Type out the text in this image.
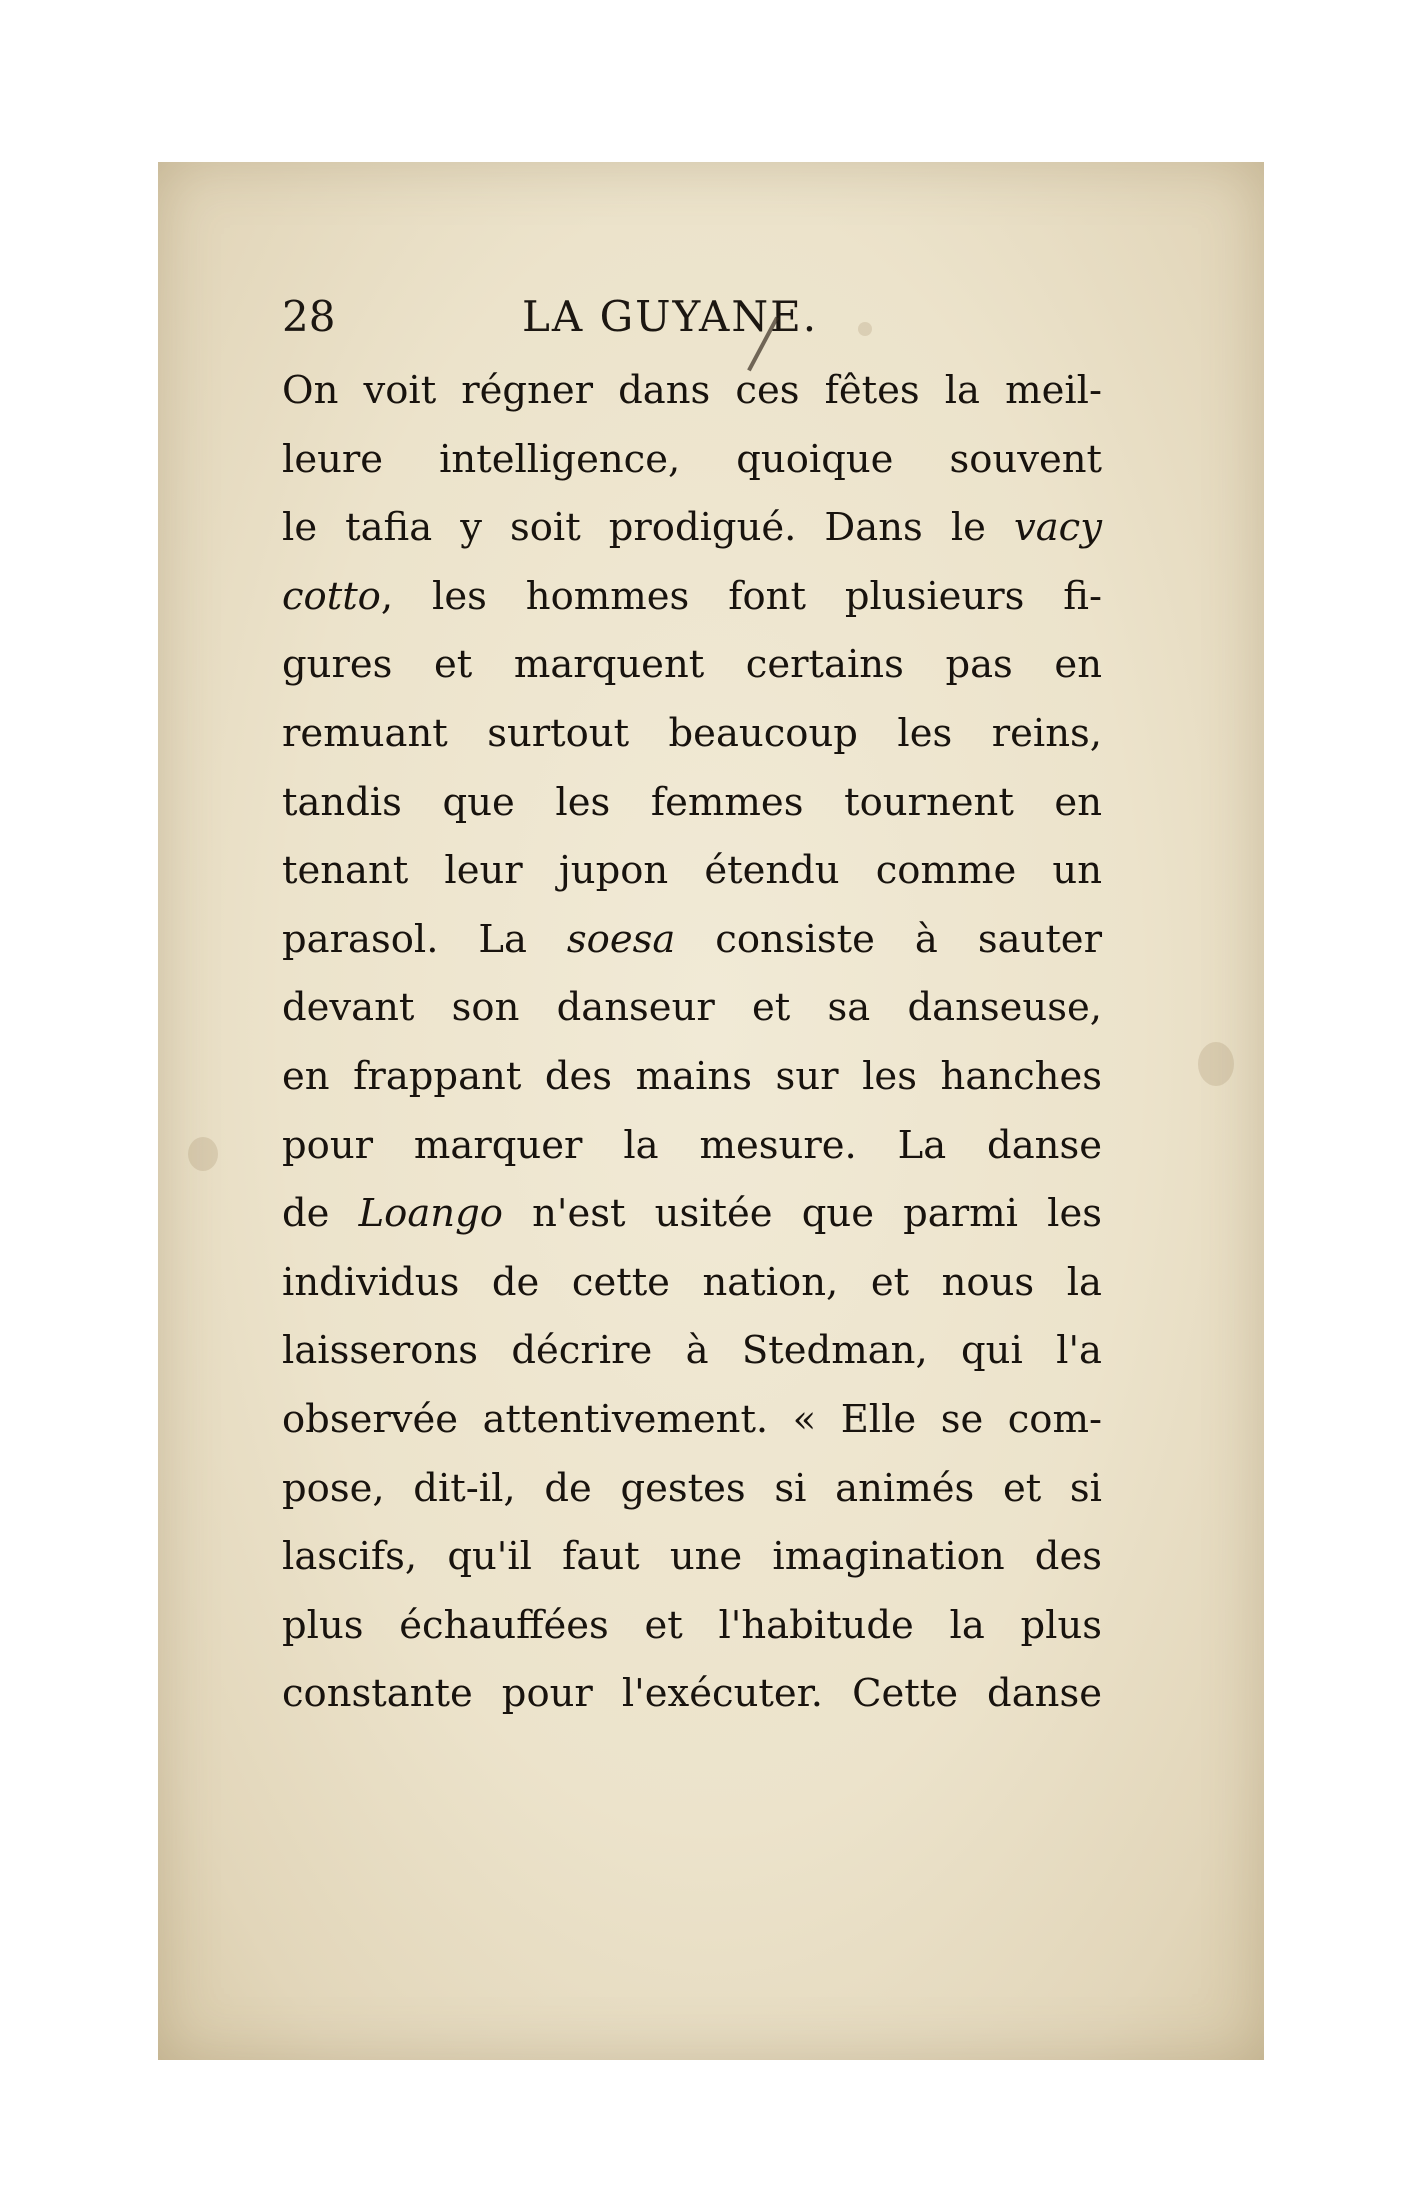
28	LA GUYANE.
On voit régner dans ces fêtes la meil-
leure intelligence, quoique souvent
le tafia y soit prodigué. Dans le vacy
cotto, les hommes font plusieurs fi-
gures et marquent certains pas en
remuant surtout beaucoup les reins,
tandis que les femmes tournent en
tenant leur jupon étendu comme un
parasol. La soesa consiste à sauter
devant son danseur et sa danseuse,
en frappant des mains sur les hanches
pour marquer la mesure. La danse
de Loango n'est usitée que parmi les
individus de cette nation, et nous la
laisserons décrire à Stedman, qui l'a
observée attentivement. « Elle se com-
pose, dit-il, de gestes si animés et si
lascifs, qu'il faut une imagination des
plus échauffées et l'habitude la plus
constante pour l'exécuter. Cette danse
